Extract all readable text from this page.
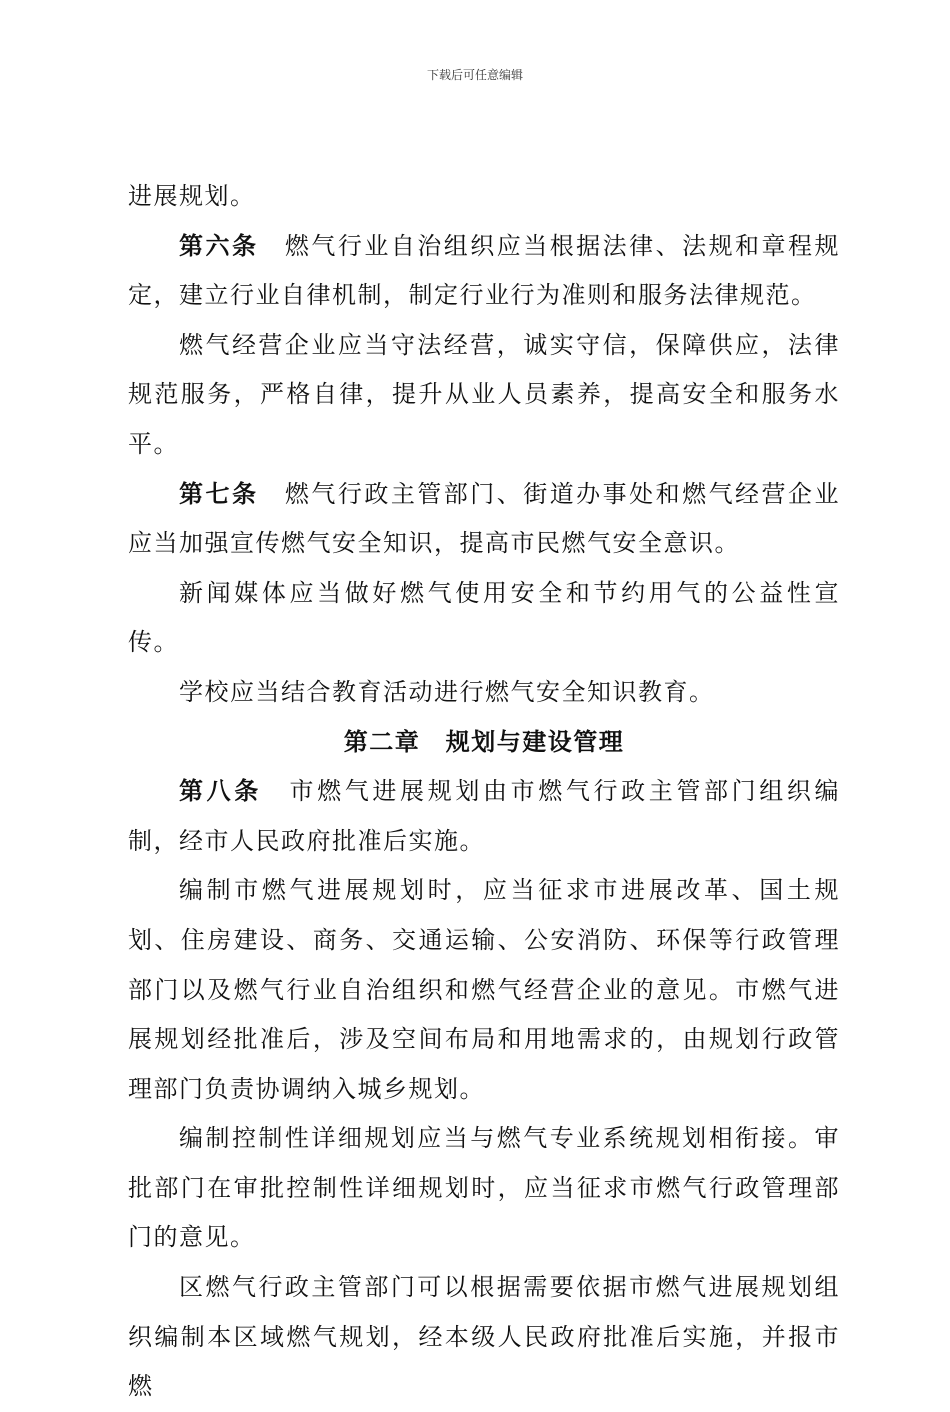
下载后可任意编辑

进展规划。

第六条  燃气行业自治组织应当根据法律、法规和章程规定，建立行业自律机制，制定行业行为准则和服务法律规范。

燃气经营企业应当守法经营，诚实守信，保障供应，法律规范服务，严格自律，提升从业人员素养，提高安全和服务水平。

第七条  燃气行政主管部门、街道办事处和燃气经营企业应当加强宣传燃气安全知识，提高市民燃气安全意识。

新闻媒体应当做好燃气使用安全和节约用气的公益性宣传。

学校应当结合教育活动进行燃气安全知识教育。

第二章　规划与建设管理

第八条  市燃气进展规划由市燃气行政主管部门组织编制，经市人民政府批准后实施。

编制市燃气进展规划时，应当征求市进展改革、国土规划、住房建设、商务、交通运输、公安消防、环保等行政管理部门以及燃气行业自治组织和燃气经营企业的意见。市燃气进展规划经批准后，涉及空间布局和用地需求的，由规划行政管理部门负责协调纳入城乡规划。

编制控制性详细规划应当与燃气专业系统规划相衔接。审批部门在审批控制性详细规划时，应当征求市燃气行政管理部门的意见。

区燃气行政主管部门可以根据需要依据市燃气进展规划组织编制本区域燃气规划，经本级人民政府批准后实施，并报市燃
